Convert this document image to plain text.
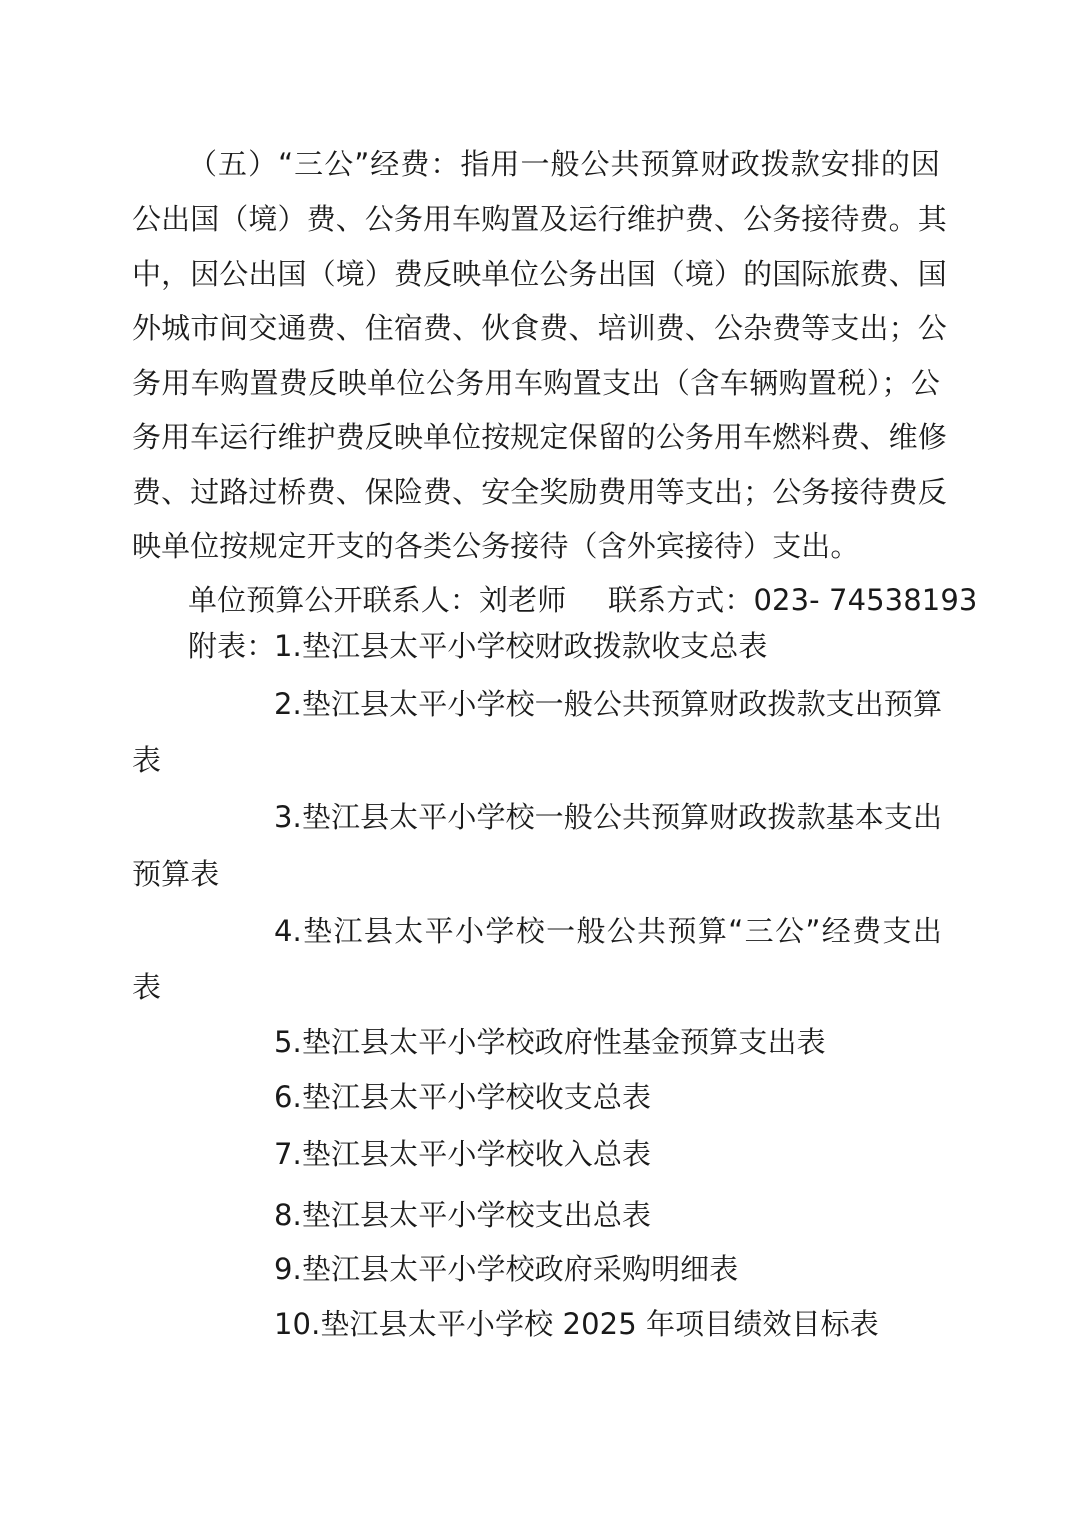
（五）“三公”经费：指用一般公共预算财政拨款安排的因
公出国（境）费、公务用车购置及运行维护费、公务接待费。其
中，因公出国（境）费反映单位公务出国（境）的国际旅费、国
外城市间交通费、住宿费、伙食费、培训费、公杂费等支出；公
务用车购置费反映单位公务用车购置支出（含车辆购置税）；公
务用车运行维护费反映单位按规定保留的公务用车燃料费、维修
费、过路过桥费、保险费、安全奖励费用等支出；公务接待费反
映单位按规定开支的各类公务接待（含外宾接待）支出。
单位预算公开联系人：刘老师 联系方式：023- 74538193
附表：
1.垫江县太平小学校财政拨款收支总表
2.垫江县太平小学校一般公共预算财政拨款支出预算
表
3.垫江县太平小学校一般公共预算财政拨款基本支出
预算表
4.垫江县太平小学校一般公共预算“三公”经费支出
表
5.垫江县太平小学校政府性基金预算支出表
6.垫江县太平小学校收支总表
7.垫江县太平小学校收入总表
8.垫江县太平小学校支出总表
9.垫江县太平小学校政府采购明细表
10.垫江县太平小学校 2025 年项目绩效目标表
